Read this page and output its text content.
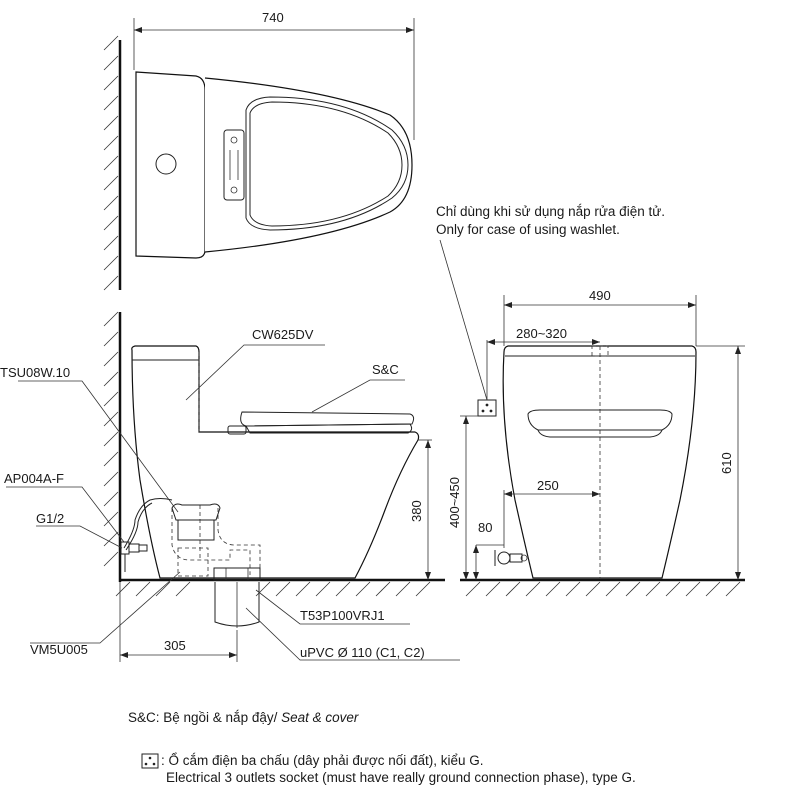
740
380
305
CW625DV
S&C
TSU08W.10
AP004A-F
G1/2
VM5U005
T53P100VRJ1
uPVC Ø 110 (C1, C2)
490
280~320
610
400~450	250
80
Chỉ dùng khi sử dụng nắp rửa điện tử.
Only for case of using washlet.
S&C: Bệ ngồi & nắp đậy/ Seat & cover
: Ổ cắm điện ba chấu (dây phải được nối đất), kiểu G.
Electrical 3 outlets socket (must have really ground connection phase), type G.
